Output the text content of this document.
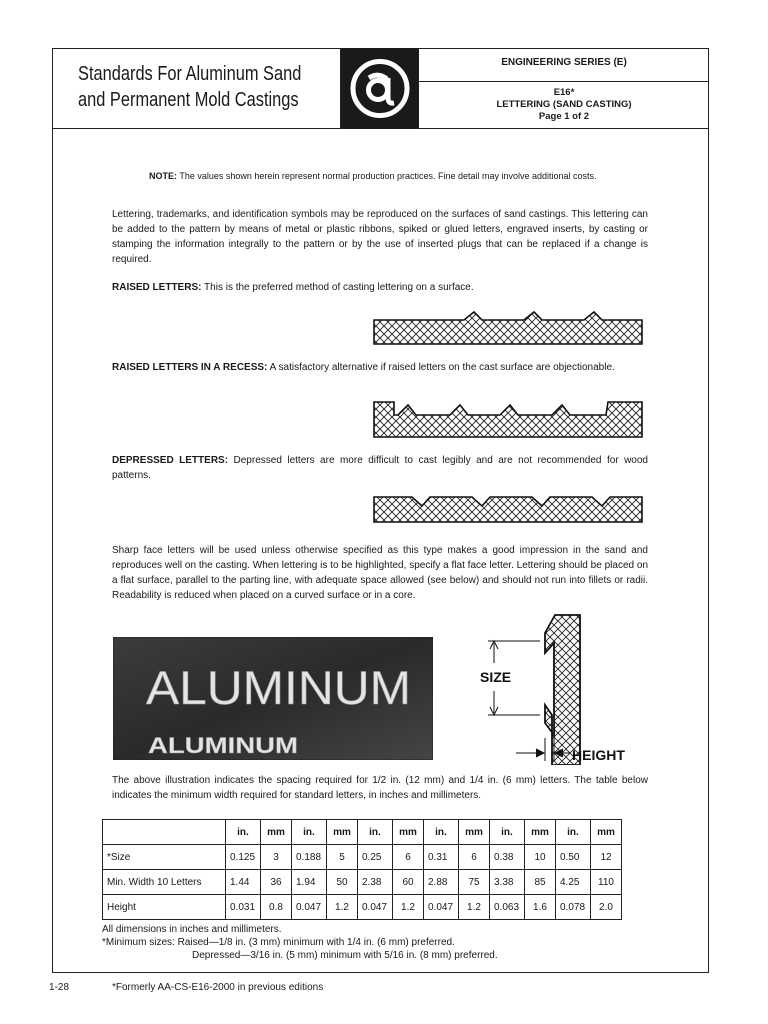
Standards For Aluminum Sand
and Permanent Mold Castings
ENGINEERING SERIES (E)
E16*
LETTERING (SAND CASTING)
Page 1 of 2
NOTE: The values shown herein represent normal production practices. Fine detail may involve additional costs.
Lettering, trademarks, and identification symbols may be reproduced on the surfaces of sand castings. This lettering can be added to the pattern by means of metal or plastic ribbons, spiked or glued letters, engraved inserts, by casting or stamping the information integrally to the pattern or by the use of inserted plugs that can be replaced if a change is required.
RAISED LETTERS: This is the preferred method of casting lettering on a surface.
RAISED LETTERS IN A RECESS: A satisfactory alternative if raised letters on the cast surface are objectionable.
DEPRESSED LETTERS: Depressed letters are more difficult to cast legibly and are not recommended for wood patterns.
Sharp face letters will be used unless otherwise specified as this type makes a good impression in the sand and reproduces well on the casting. When lettering is to be highlighted, specify a flat face letter. Lettering should be placed on a flat surface, parallel to the parting line, with adequate space allowed (see below) and should not run into fillets or radii. Readability is reduced when placed on a curved surface or in a core.
ALUMINUM
ALUMINUM
SIZE
HEIGHT
The above illustration indicates the spacing required for 1/2 in. (12 mm) and 1/4 in. (6 mm) letters. The table below indicates the minimum width required for standard letters, in inches and millimeters.
	in.	mm	in.	mm	in.	mm	in.	mm	in.	mm	in.	mm
*Size	0.125	3	0.188	5	0.25	6	0.31	6	0.38	10	0.50	12
Min. Width 10 Letters	1.44	36	1.94	50	2.38	60	2.88	75	3.38	85	4.25	110
Height	0.031	0.8	0.047	1.2	0.047	1.2	0.047	1.2	0.063	1.6	0.078	2.0
All dimensions in inches and millimeters.
*Minimum sizes: Raised—1/8 in. (3 mm) minimum with 1/4 in. (6 mm) preferred.
Depressed—3/16 in. (5 mm) minimum with 5/16 in. (8 mm) preferred.
1-28	*Formerly AA-CS-E16-2000 in previous editions
